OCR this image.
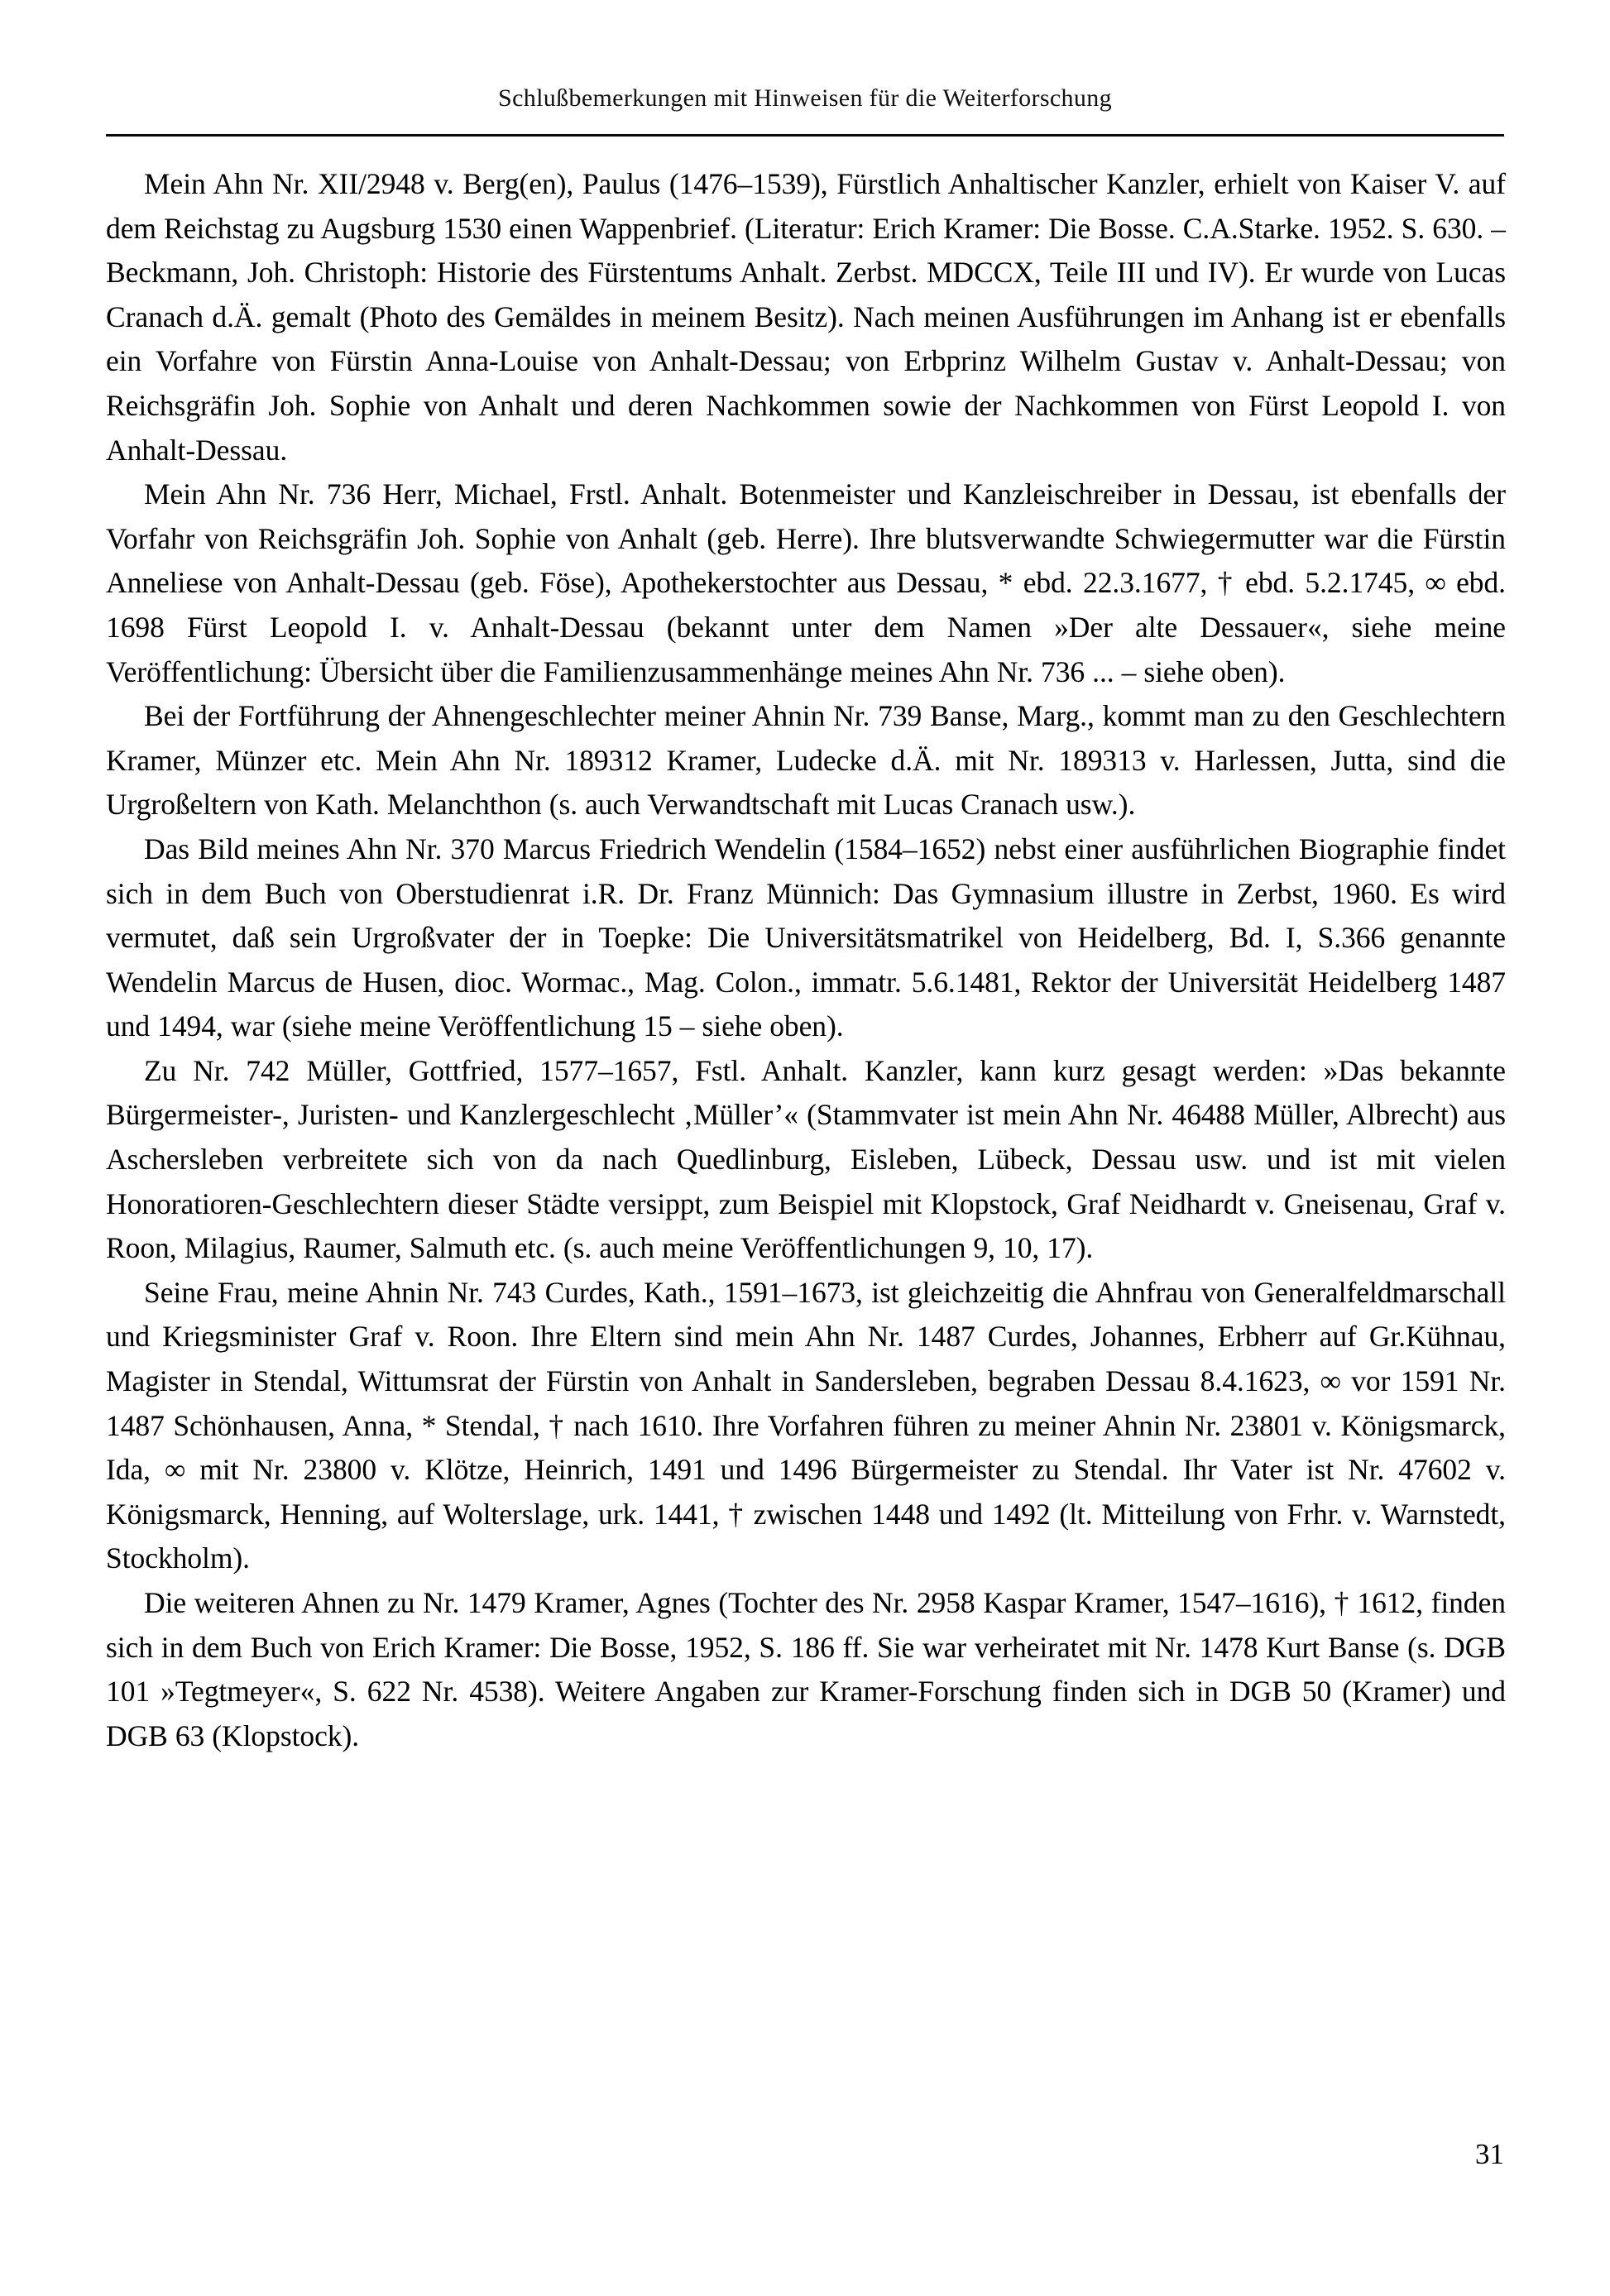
Schlußbemerkungen mit Hinweisen für die Weiterforschung

Mein Ahn Nr. XII/2948 v. Berg(en), Paulus (1476–1539), Fürstlich Anhaltischer Kanzler, erhielt von Kaiser V. auf dem Reichstag zu Augsburg 1530 einen Wappenbrief. (Literatur: Erich Kramer: Die Bosse. C.A.Starke. 1952. S. 630. – Beckmann, Joh. Christoph: Historie des Fürstentums Anhalt. Zerbst. MDCCX, Teile III und IV). Er wurde von Lucas Cranach d.Ä. gemalt (Photo des Gemäldes in meinem Besitz). Nach meinen Ausführungen im Anhang ist er ebenfalls ein Vorfahre von Fürstin Anna-Louise von Anhalt-Dessau; von Erbprinz Wilhelm Gustav v. Anhalt-Dessau; von Reichsgräfin Joh. Sophie von Anhalt und deren Nachkommen sowie der Nachkommen von Fürst Leopold I. von Anhalt-Dessau.

Mein Ahn Nr. 736 Herr, Michael, Frstl. Anhalt. Botenmeister und Kanzleischreiber in Dessau, ist ebenfalls der Vorfahr von Reichsgräfin Joh. Sophie von Anhalt (geb. Herre). Ihre blutsverwandte Schwiegermutter war die Fürstin Anneliese von Anhalt-Dessau (geb. Föse), Apothekerstochter aus Dessau, * ebd. 22.3.1677, † ebd. 5.2.1745, ∞ ebd. 1698 Fürst Leopold I. v. Anhalt-Dessau (bekannt unter dem Namen »Der alte Dessauer«, siehe meine Veröffentlichung: Übersicht über die Familienzusammenhänge meines Ahn Nr. 736 ... – siehe oben).

Bei der Fortführung der Ahnengeschlechter meiner Ahnin Nr. 739 Banse, Marg., kommt man zu den Geschlechtern Kramer, Münzer etc. Mein Ahn Nr. 189312 Kramer, Ludecke d.Ä. mit Nr. 189313 v. Harlessen, Jutta, sind die Urgroßeltern von Kath. Melanchthon (s. auch Verwandtschaft mit Lucas Cranach usw.).

Das Bild meines Ahn Nr. 370 Marcus Friedrich Wendelin (1584–1652) nebst einer ausführlichen Biographie findet sich in dem Buch von Oberstudienrat i.R. Dr. Franz Münnich: Das Gymnasium illustre in Zerbst, 1960. Es wird vermutet, daß sein Urgroßvater der in Toepke: Die Universitätsmatrikel von Heidelberg, Bd. I, S.366 genannte Wendelin Marcus de Husen, dioc. Wormac., Mag. Colon., immatr. 5.6.1481, Rektor der Universität Heidelberg 1487 und 1494, war (siehe meine Veröffentlichung 15 – siehe oben).

Zu Nr. 742 Müller, Gottfried, 1577–1657, Fstl. Anhalt. Kanzler, kann kurz gesagt werden: »Das bekannte Bürgermeister-, Juristen- und Kanzlergeschlecht ‚Müller’« (Stammvater ist mein Ahn Nr. 46488 Müller, Albrecht) aus Aschersleben verbreitete sich von da nach Quedlinburg, Eisleben, Lübeck, Dessau usw. und ist mit vielen Honoratioren-Geschlechtern dieser Städte versippt, zum Beispiel mit Klopstock, Graf Neidhardt v. Gneisenau, Graf v. Roon, Milagius, Raumer, Salmuth etc. (s. auch meine Veröffentlichungen 9, 10, 17).

Seine Frau, meine Ahnin Nr. 743 Curdes, Kath., 1591–1673, ist gleichzeitig die Ahnfrau von Generalfeldmarschall und Kriegsminister Graf v. Roon. Ihre Eltern sind mein Ahn Nr. 1487 Curdes, Johannes, Erbherr auf Gr.Kühnau, Magister in Stendal, Wittumsrat der Fürstin von Anhalt in Sandersleben, begraben Dessau 8.4.1623, ∞ vor 1591 Nr. 1487 Schönhausen, Anna, * Stendal, † nach 1610. Ihre Vorfahren führen zu meiner Ahnin Nr. 23801 v. Königsmarck, Ida, ∞ mit Nr. 23800 v. Klötze, Heinrich, 1491 und 1496 Bürgermeister zu Stendal. Ihr Vater ist Nr. 47602 v. Königsmarck, Henning, auf Wolterslage, urk. 1441, † zwischen 1448 und 1492 (lt. Mitteilung von Frhr. v. Warnstedt, Stockholm).

Die weiteren Ahnen zu Nr. 1479 Kramer, Agnes (Tochter des Nr. 2958 Kaspar Kramer, 1547–1616), † 1612, finden sich in dem Buch von Erich Kramer: Die Bosse, 1952, S. 186 ff. Sie war verheiratet mit Nr. 1478 Kurt Banse (s. DGB 101 »Tegtmeyer«, S. 622 Nr. 4538). Weitere Angaben zur Kramer-Forschung finden sich in DGB 50 (Kramer) und DGB 63 (Klopstock).

31
